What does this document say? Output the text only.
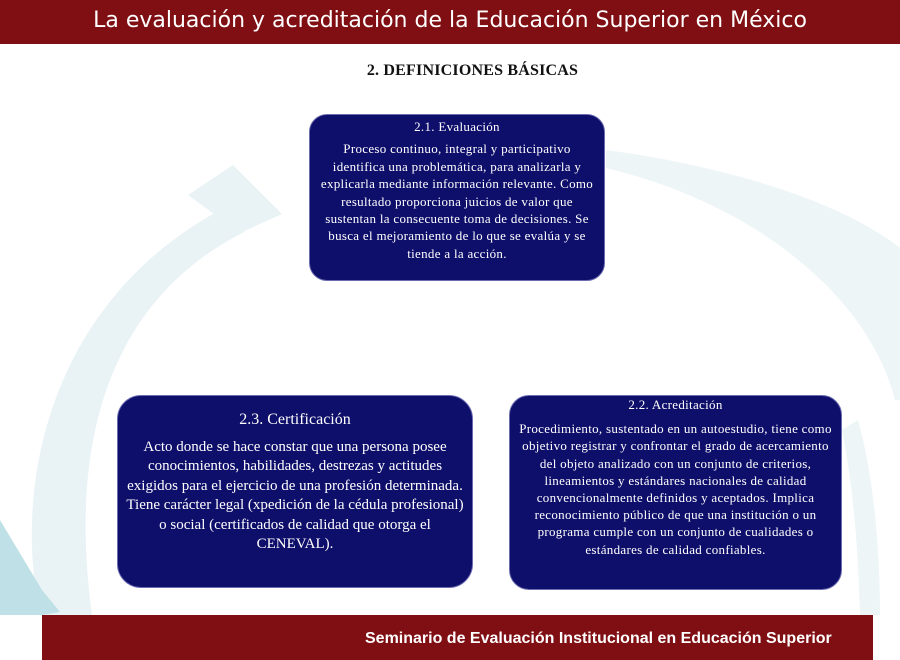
La evaluación y acreditación de la Educación Superior en México
2. DEFINICIONES BÁSICAS
2.1. Evaluación
Proceso continuo, integral y participativo identifica una problemática, para analizarla y explicarla mediante información relevante. Como resultado proporciona juicios de valor que sustentan la consecuente toma de decisiones. Se busca el mejoramiento de lo que se evalúa y se tiende a la acción.
2.2. Acreditación
Procedimiento, sustentado en un autoestudio, tiene como objetivo registrar y confrontar el grado de acercamiento del objeto analizado con un conjunto de criterios, lineamientos y estándares nacionales de calidad convencionalmente definidos y aceptados. Implica reconocimiento público de que una institución o un programa cumple con un conjunto de cualidades o estándares de calidad confiables.
2.3. Certificación
Acto donde se hace constar que una persona posee conocimientos, habilidades, destrezas y actitudes exigidos para el ejercicio de una profesión determinada. Tiene carácter legal (xpedición de la cédula profesional) o social (certificados de calidad que otorga el CENEVAL).
Seminario de Evaluación Institucional en Educación Superior
